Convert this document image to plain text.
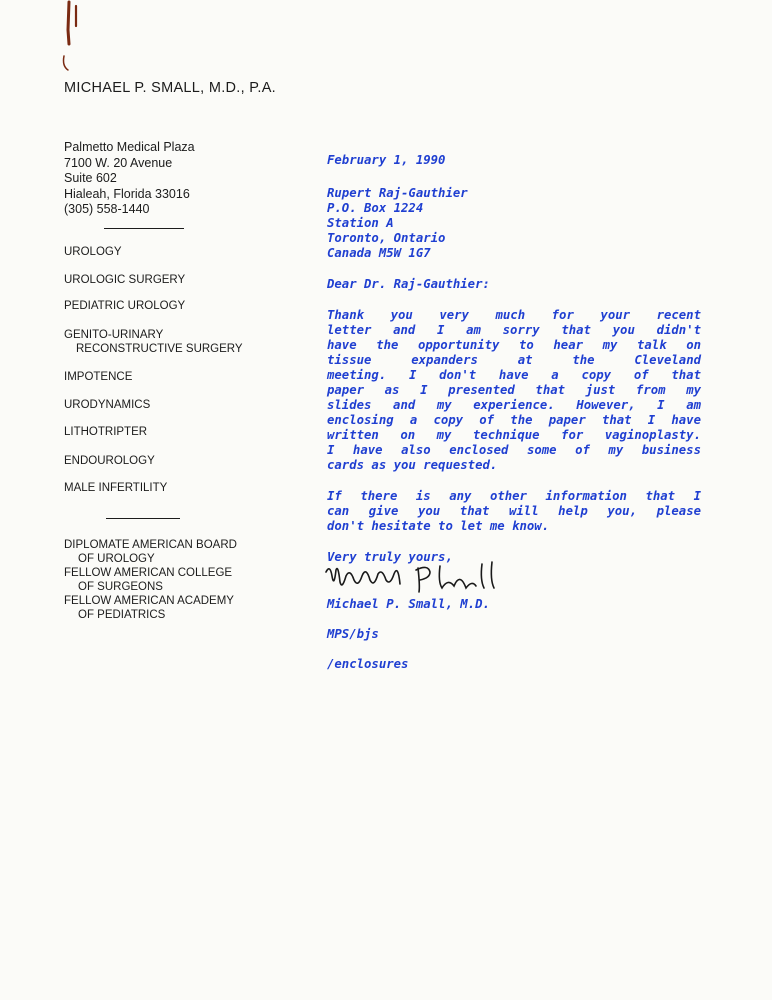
MICHAEL P. SMALL, M.D., P.A.
Palmetto Medical Plaza
7100 W. 20 Avenue
Suite 602
Hialeah, Florida 33016
(305) 558-1440
UROLOGY
UROLOGIC SURGERY
PEDIATRIC UROLOGY
GENITO-URINARY
RECONSTRUCTIVE SURGERY
IMPOTENCE
URODYNAMICS
LITHOTRIPTER
ENDOUROLOGY
MALE INFERTILITY
DIPLOMATE AMERICAN BOARD
OF UROLOGY
FELLOW AMERICAN COLLEGE
OF SURGEONS
FELLOW AMERICAN ACADEMY
OF PEDIATRICS
February 1, 1990
Rupert Raj-Gauthier
P.O. Box 1224
Station A
Toronto, Ontario
Canada M5W 1G7
Dear Dr. Raj-Gauthier:
Thank you very much for your recent
letter and I am sorry that you didn't
have the opportunity to hear my talk on
tissue expanders at the Cleveland
meeting. I don't have a copy of that
paper as I presented that just from my
slides and my experience. However, I am
enclosing a copy of the paper that I have
written on my technique for vaginoplasty.
I have also enclosed some of my business
cards as you requested.
If there is any other information that I
can give you that will help you, please
don't hesitate to let me know.
Very truly yours,
Michael P. Small, M.D.
MPS/bjs
/enclosures
